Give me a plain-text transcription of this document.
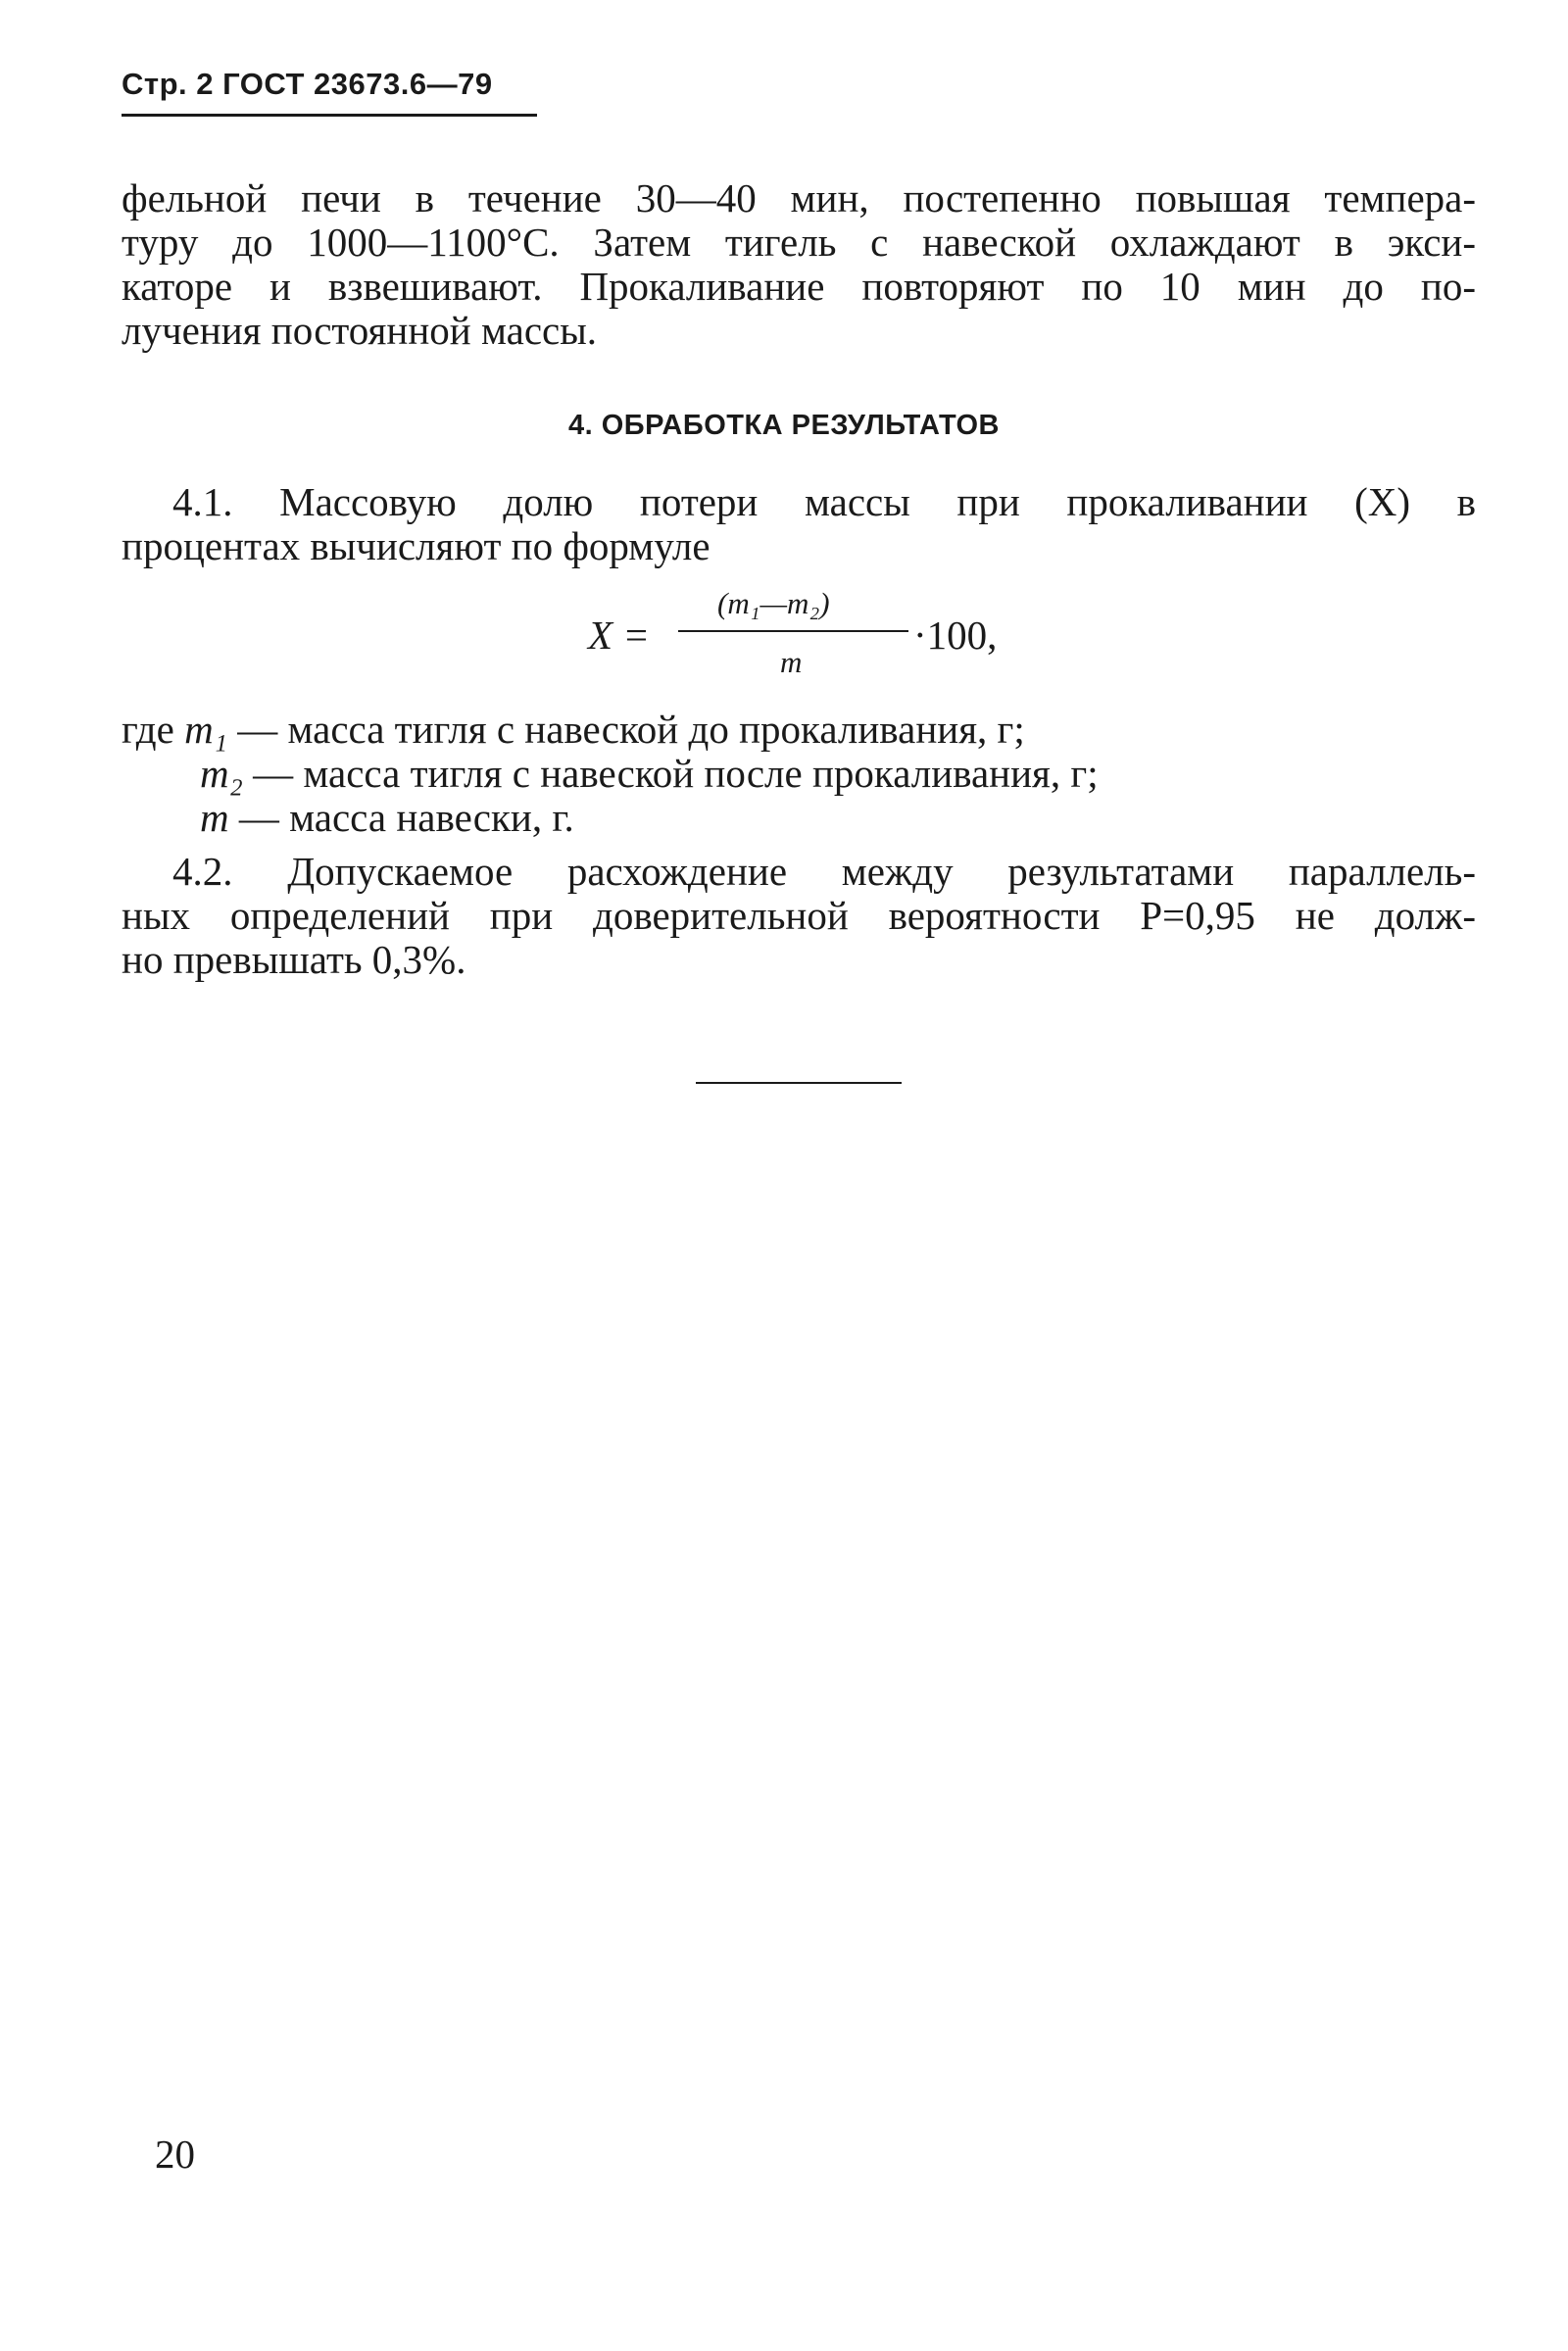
Стр. 2 ГОСТ 23673.6—79
фельной печи в течение 30—40 мин, постепенно повышая темпера-
туру до 1000—1100°С. Затем тигель с навеской охлаждают в экси-
каторе и взвешивают. Прокаливание повторяют по 10 мин до по-
лучения постоянной массы.
4. ОБРАБОТКА РЕЗУЛЬТАТОВ
4.1. Массовую долю потери массы при прокаливании (X) в
процентах вычисляют по формуле
X =
(m₁—m₂)
m
·100,
где m₁ — масса тигля с навеской до прокаливания, г;
m₂ — масса тигля с навеской после прокаливания, г;
m — масса навески, г.
4.2. Допускаемое расхождение между результатами параллель-
ных определений при доверительной вероятности P=0,95 не долж-
но превышать 0,3%.
20
